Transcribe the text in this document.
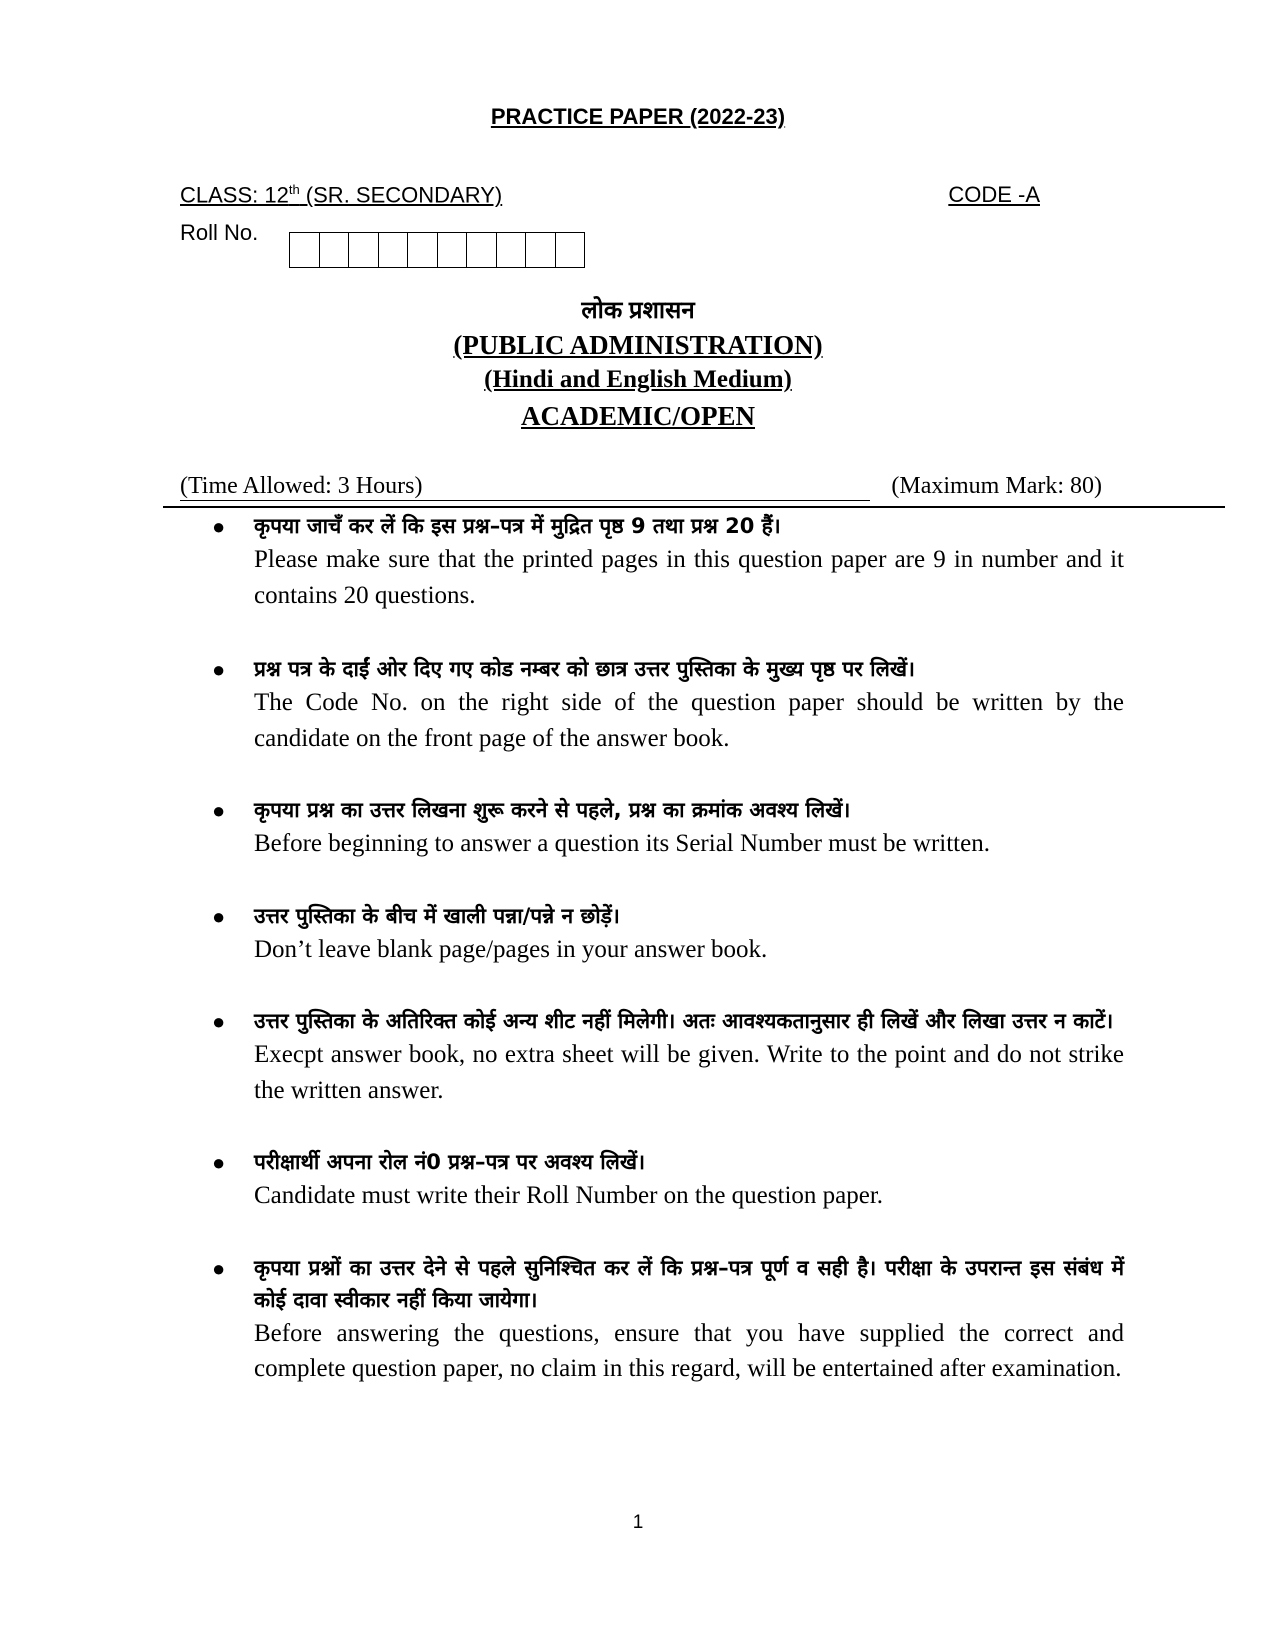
PRACTICE PAPER (2022-23)
CLASS: 12th (SR. SECONDARY)	CODE -A
Roll No.
लोक प्रशासन
(PUBLIC ADMINISTRATION)
(Hindi and English Medium)
ACADEMIC/OPEN
(Time Allowed: 3 Hours)	(Maximum Mark: 80)
● कृपया जाचँ कर लें कि इस प्रश्न–पत्र में मुद्रित पृष्ठ 9 तथा प्रश्न 20 हैं।
Please make sure that the printed pages in this question paper are 9 in number and it contains 20 questions.
● प्रश्न पत्र के दाईं ओर दिए गए कोड नम्बर को छात्र उत्तर पुस्तिका के मुख्य पृष्ठ पर लिखें।
The Code No. on the right side of the question paper should be written by the candidate on the front page of the answer book.
● कृपया प्रश्न का उत्तर लिखना शुरू करने से पहले, प्रश्न का क्रमांक अवश्य लिखें।
Before beginning to answer a question its Serial Number must be written.
● उत्तर पुस्तिका के बीच में खाली पन्ना/पन्ने न छोड़ें।
Don’t leave blank page/pages in your answer book.
● उत्तर पुस्तिका के अतिरिक्त कोई अन्य शीट नहीं मिलेगी। अतः आवश्यकतानुसार ही लिखें और लिखा उत्तर न काटें।
Execpt answer book, no extra sheet will be given. Write to the point and do not strike the written answer.
● परीक्षार्थी अपना रोल नं0 प्रश्न–पत्र पर अवश्य लिखें।
Candidate must write their Roll Number on the question paper.
● कृपया प्रश्नों का उत्तर देने से पहले सुनिश्चित कर लें कि प्रश्न–पत्र पूर्ण व सही है। परीक्षा के उपरान्त इस संबंध में कोई दावा स्वीकार नहीं किया जायेगा।
Before answering the questions, ensure that you have supplied the correct and complete question paper, no claim in this regard, will be entertained after examination.
1
